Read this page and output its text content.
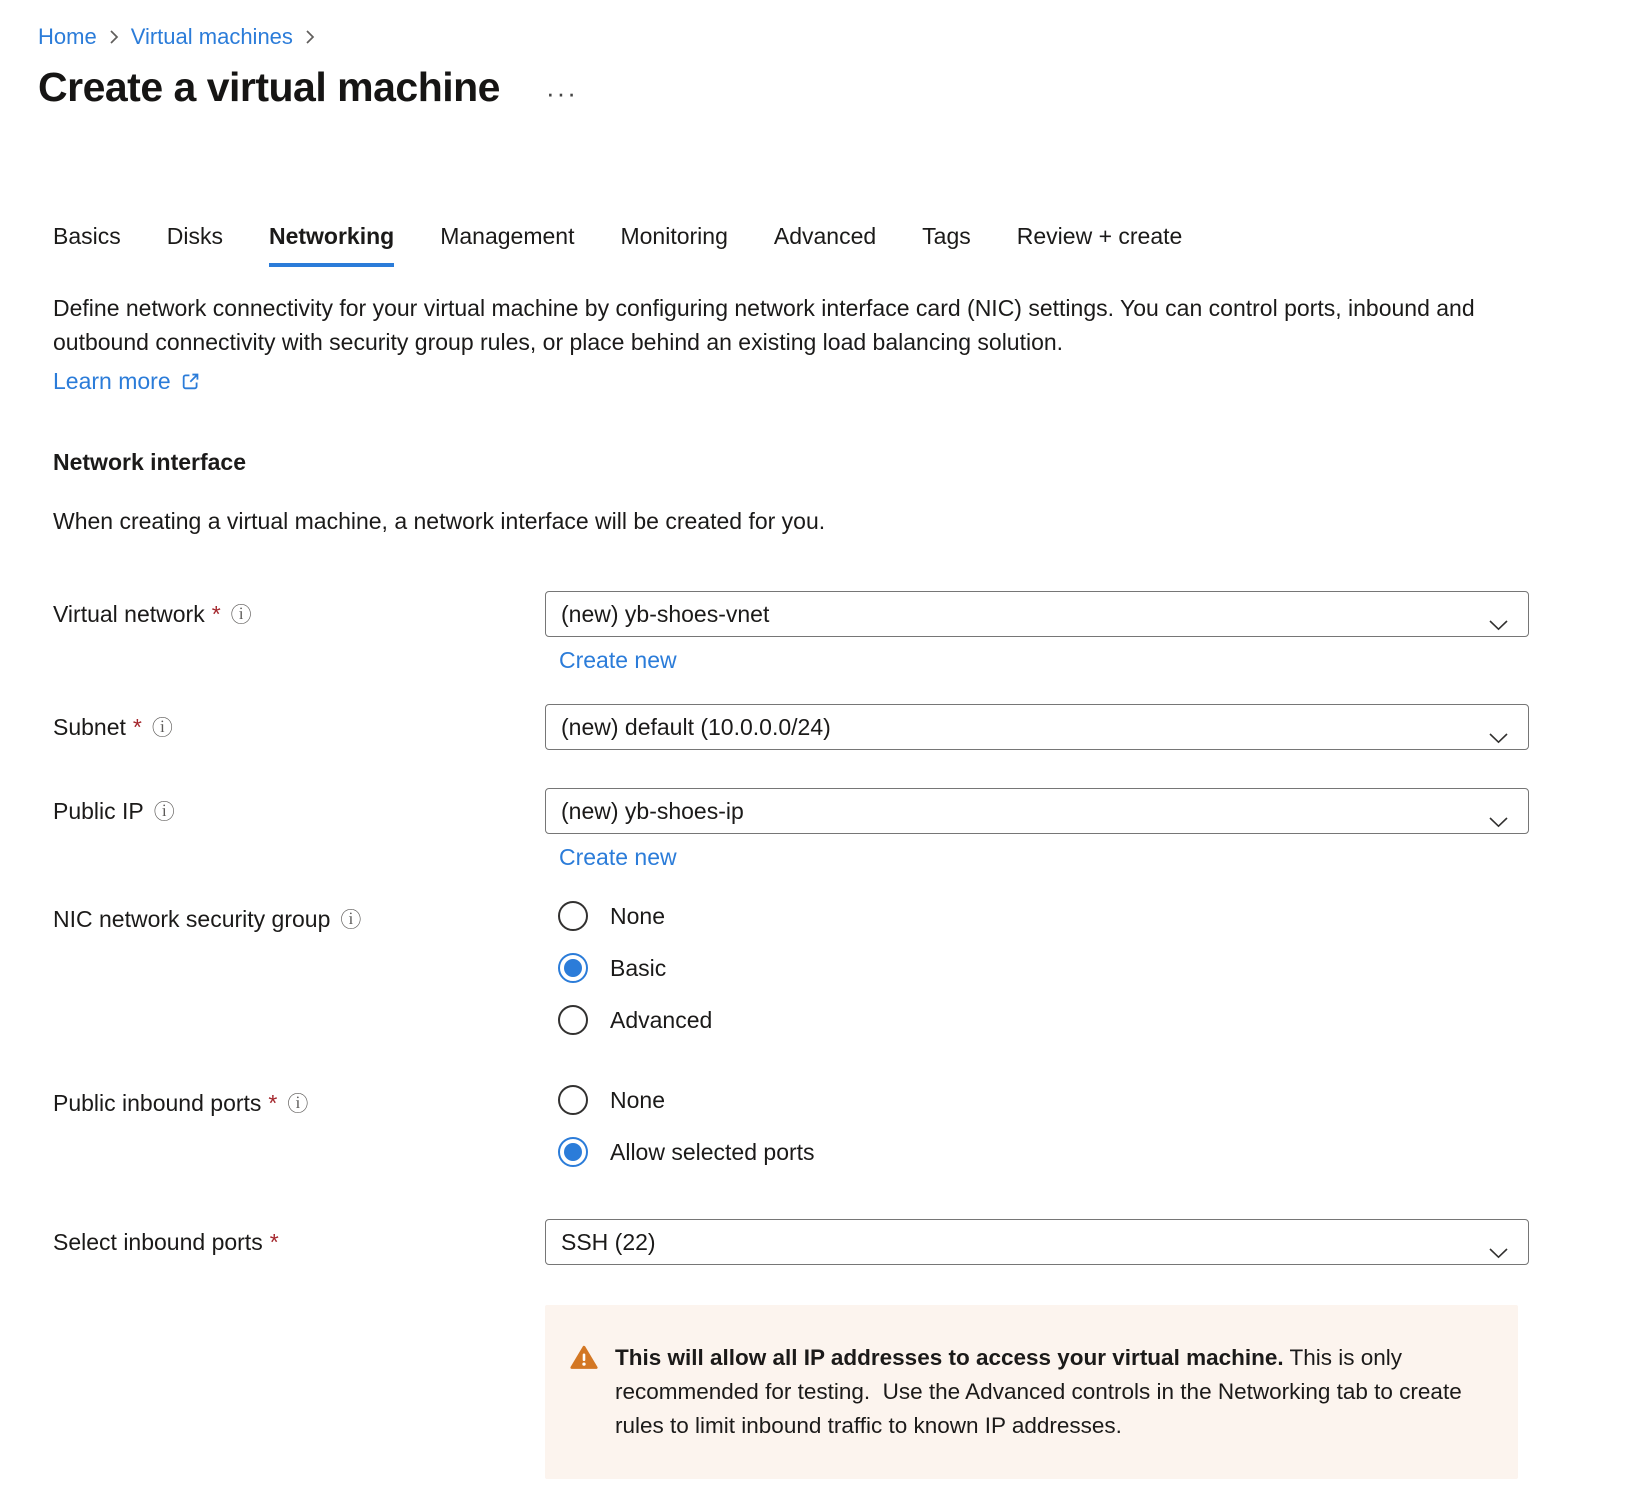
Home Virtual machines
Create a virtual machine ···
Basics Disks Networking Management Monitoring Advanced Tags Review + create

Define network connectivity for your virtual machine by configuring network interface card (NIC) settings. You can control ports, inbound and outbound connectivity with security group rules, or place behind an existing load balancing solution.

Learn more
Network interface

When creating a virtual machine, a network interface will be created for you.

Virtual network * ⓘ	(new) yb-shoes-vnet
Create new
Subnet * ⓘ	(new) default (10.0.0.0/24)
Public IP ⓘ	(new) yb-shoes-ip
Create new
NIC network security group ⓘ	None
Basic
Advanced
Public inbound ports * ⓘ	None
Allow selected ports
Select inbound ports *	SSH (22)

This will allow all IP addresses to access your virtual machine. This is only recommended for testing.  Use the Advanced controls in the Networking tab to create rules to limit inbound traffic to known IP addresses.
